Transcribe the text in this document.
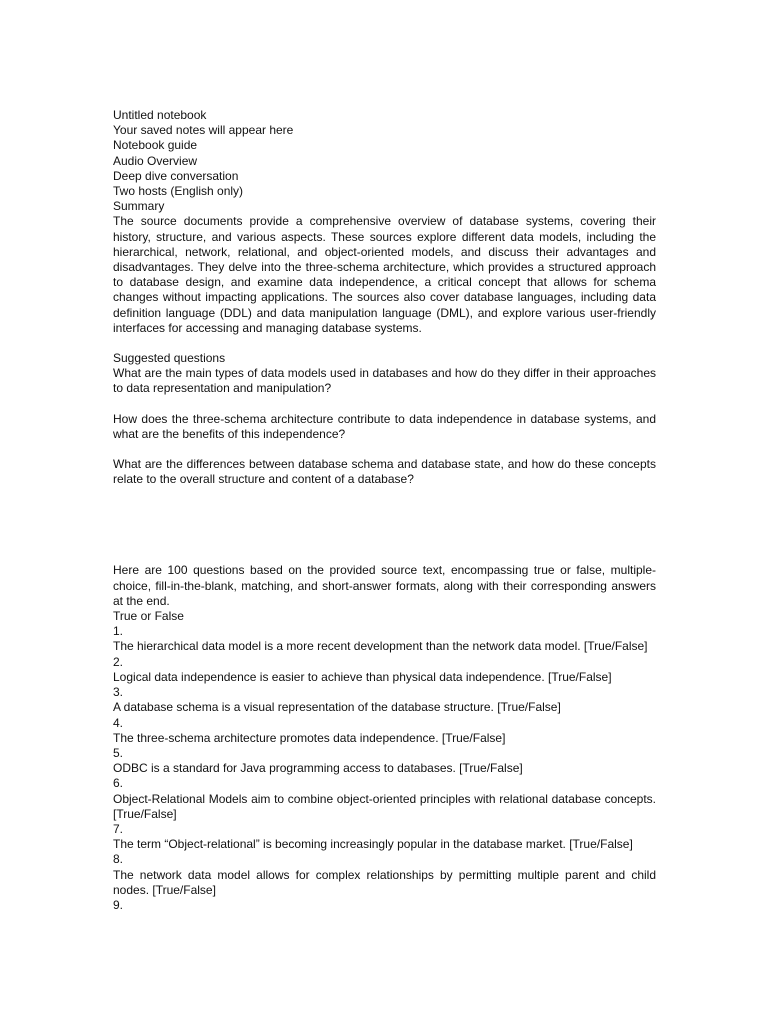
Untitled notebook
Your saved notes will appear here
Notebook guide
Audio Overview
Deep dive conversation
Two hosts (English only)
Summary
The source documents provide a comprehensive overview of database systems, covering their history, structure, and various aspects. These sources explore different data models, including the hierarchical, network, relational, and object-oriented models, and discuss their advantages and disadvantages. They delve into the three-schema architecture, which provides a structured approach to database design, and examine data independence, a critical concept that allows for schema changes without impacting applications. The sources also cover database languages, including data definition language (DDL) and data manipulation language (DML), and explore various user-friendly interfaces for accessing and managing database systems.
Suggested questions
What are the main types of data models used in databases and how do they differ in their approaches to data representation and manipulation?
How does the three-schema architecture contribute to data independence in database systems, and what are the benefits of this independence?
What are the differences between database schema and database state, and how do these concepts relate to the overall structure and content of a database?
Here are 100 questions based on the provided source text, encompassing true or false, multiple-choice, fill-in-the-blank, matching, and short-answer formats, along with their corresponding answers at the end.
True or False
1.
The hierarchical data model is a more recent development than the network data model. [True/False]
2.
Logical data independence is easier to achieve than physical data independence. [True/False]
3.
A database schema is a visual representation of the database structure. [True/False]
4.
The three-schema architecture promotes data independence. [True/False]
5.
ODBC is a standard for Java programming access to databases. [True/False]
6.
Object-Relational Models aim to combine object-oriented principles with relational database concepts. [True/False]
7.
The term “Object-relational” is becoming increasingly popular in the database market. [True/False]
8.
The network data model allows for complex relationships by permitting multiple parent and child nodes. [True/False]
9.
